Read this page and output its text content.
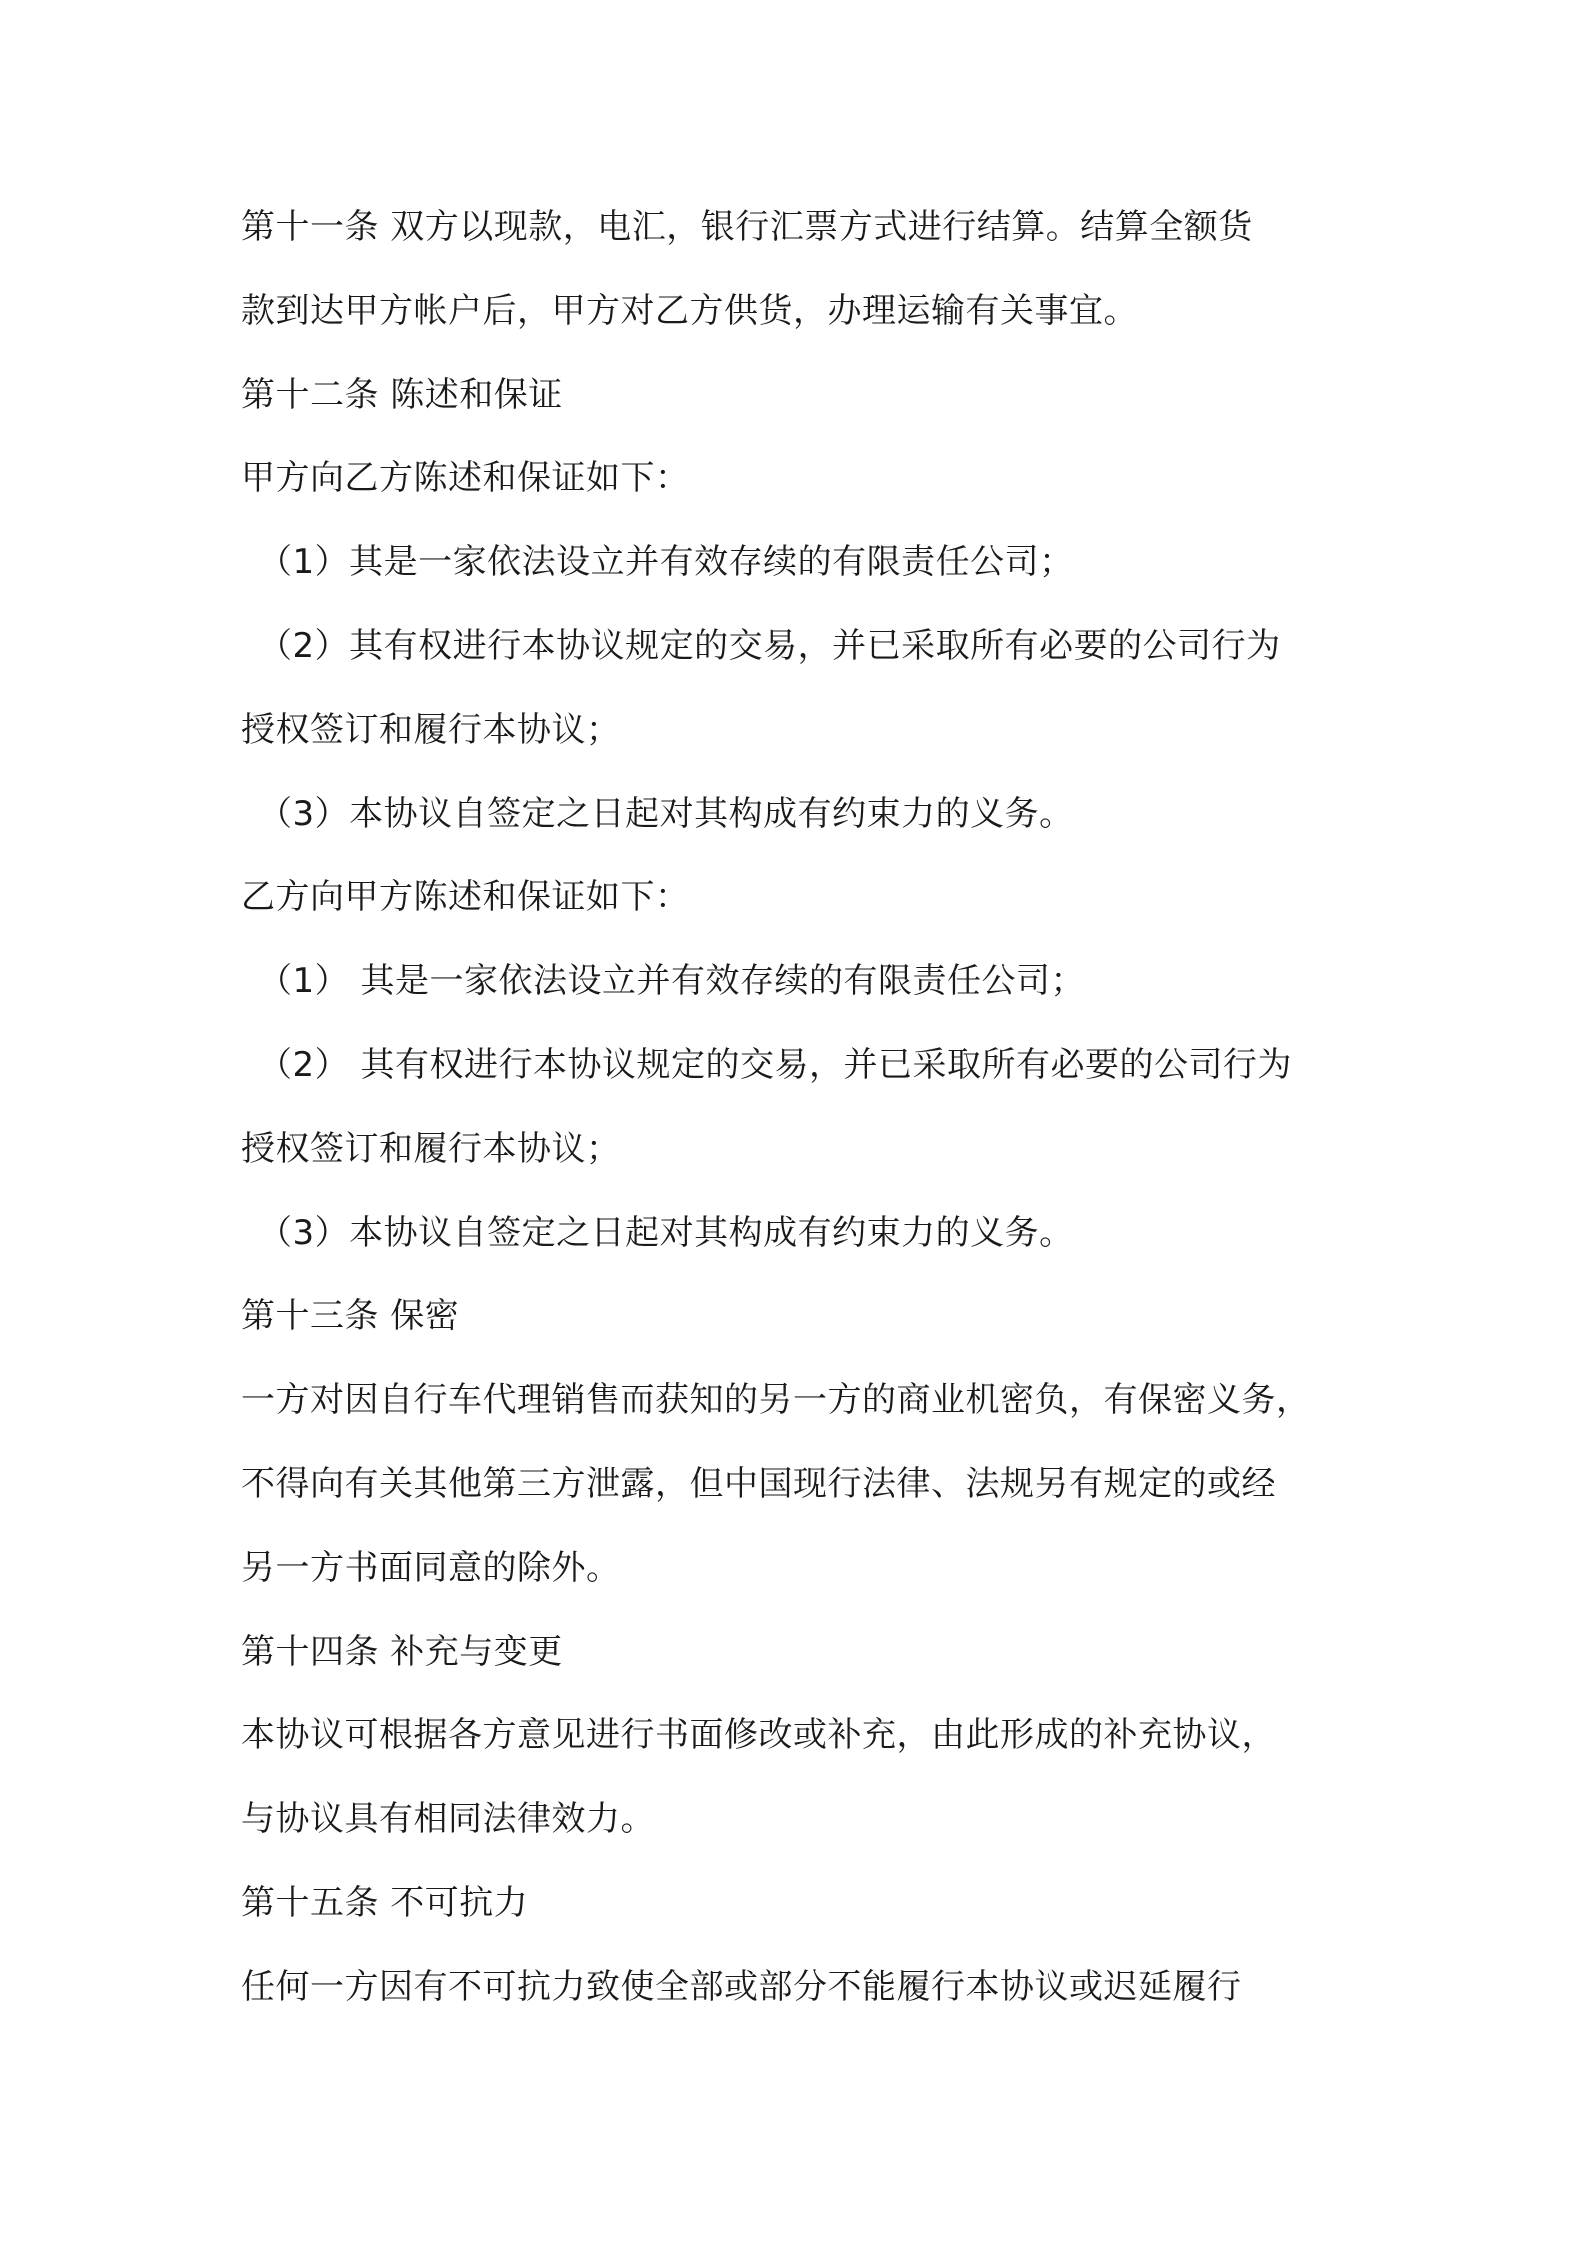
第十一条 双方以现款，电汇，银行汇票方式进行结算。结算全额货
款到达甲方帐户后，甲方对乙方供货，办理运输有关事宜。
第十二条 陈述和保证
甲方向乙方陈述和保证如下：
（1）其是一家依法设立并有效存续的有限责任公司；
（2）其有权进行本协议规定的交易，并已采取所有必要的公司行为
授权签订和履行本协议；
（3）本协议自签定之日起对其构成有约束力的义务。
乙方向甲方陈述和保证如下：
（1） 其是一家依法设立并有效存续的有限责任公司；
（2） 其有权进行本协议规定的交易，并已采取所有必要的公司行为
授权签订和履行本协议；
（3）本协议自签定之日起对其构成有约束力的义务。
第十三条 保密
一方对因自行车代理销售而获知的另一方的商业机密负，有保密义务，
不得向有关其他第三方泄露，但中国现行法律、法规另有规定的或经
另一方书面同意的除外。
第十四条 补充与变更
本协议可根据各方意见进行书面修改或补充，由此形成的补充协议，
与协议具有相同法律效力。
第十五条 不可抗力
任何一方因有不可抗力致使全部或部分不能履行本协议或迟延履行
